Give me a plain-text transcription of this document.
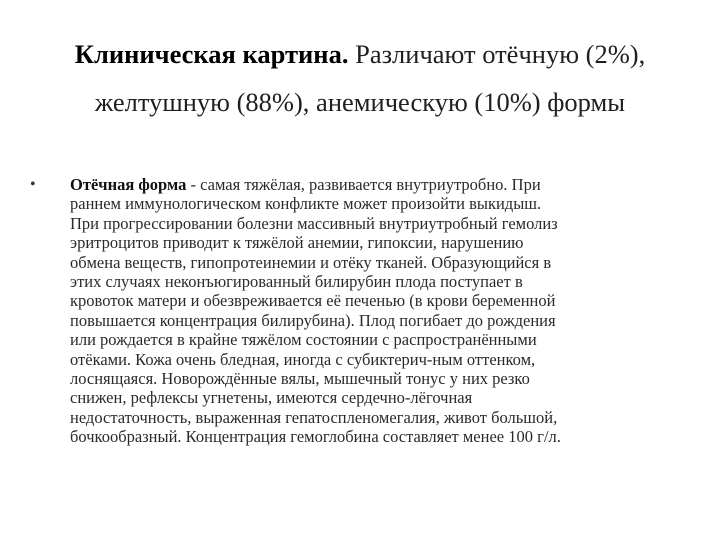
Клиническая картина. Различают отёчную (2%),
желтушную (88%), анемическую (10%) формы
• Отёчная форма - самая тяжёлая, развивается внутриутробно. При
раннем иммунологическом конфликте может произойти выкидыш.
При прогрессировании болезни массивный внутриутробный гемолиз
эритроцитов приводит к тяжёлой анемии, гипоксии, нарушению
обмена веществ, гипопротеинемии и отёку тканей. Образующийся в
этих случаях неконъюгированный билирубин плода поступает в
кровоток матери и обезвреживается её печенью (в крови беременной
повышается концентрация билирубина). Плод погибает до рождения
или рождается в крайне тяжёлом состоянии с распространёнными
отёками. Кожа очень бледная, иногда с субиктерич-ным оттенком,
лоснящаяся. Новорождённые вялы, мышечный тонус у них резко
снижен, рефлексы угнетены, имеются сердечно-лёгочная
недостаточность, выраженная гепатоспленомегалия, живот большой,
бочкообразный. Концентрация гемоглобина составляет менее 100 г/л.
